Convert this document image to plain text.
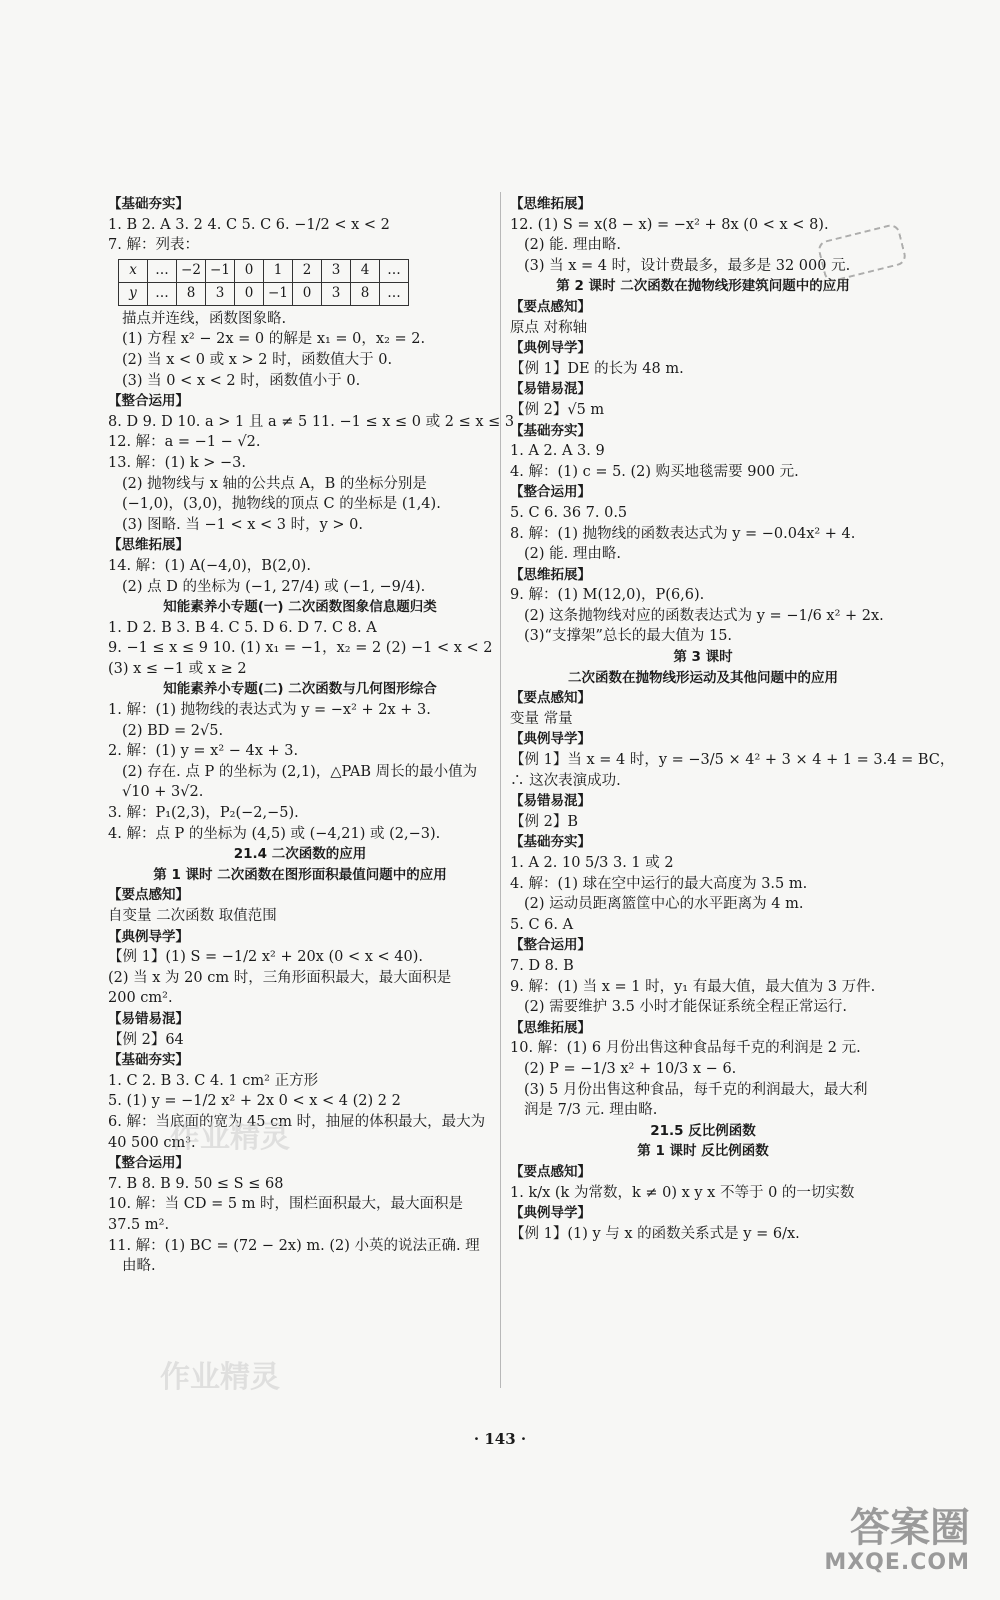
【基础夯实】
1. B 2. A 3. 2 4. C 5. C 6. −1/2 < x < 2
7. 解：列表：
x	…	−2	−1	0	1	2	3	4	…
y	…	8	3	0	−1	0	3	8	…
描点并连线，函数图象略.
(1) 方程 x² − 2x = 0 的解是 x₁ = 0，x₂ = 2.
(2) 当 x < 0 或 x > 2 时，函数值大于 0.
(3) 当 0 < x < 2 时，函数值小于 0.
【整合运用】
8. D 9. D 10. a > 1 且 a ≠ 5 11. −1 ≤ x ≤ 0 或 2 ≤ x ≤ 3
12. 解：a = −1 − √2.
13. 解：(1) k > −3.
(2) 抛物线与 x 轴的公共点 A，B 的坐标分别是
(−1,0)，(3,0)，抛物线的顶点 C 的坐标是 (1,4).
(3) 图略. 当 −1 < x < 3 时，y > 0.
【思维拓展】
14. 解：(1) A(−4,0)，B(2,0).
(2) 点 D 的坐标为 (−1, 27/4) 或 (−1, −9/4).
知能素养小专题(一) 二次函数图象信息题归类
1. D 2. B 3. B 4. C 5. D 6. D 7. C 8. A
9. −1 ≤ x ≤ 9 10. (1) x₁ = −1，x₂ = 2 (2) −1 < x < 2
(3) x ≤ −1 或 x ≥ 2
知能素养小专题(二) 二次函数与几何图形综合
1. 解：(1) 抛物线的表达式为 y = −x² + 2x + 3.
(2) BD = 2√5.
2. 解：(1) y = x² − 4x + 3.
(2) 存在. 点 P 的坐标为 (2,1)，△PAB 周长的最小值为
√10 + 3√2.
3. 解：P₁(2,3)，P₂(−2,−5).
4. 解：点 P 的坐标为 (4,5) 或 (−4,21) 或 (2,−3).
21.4 二次函数的应用
第 1 课时 二次函数在图形面积最值问题中的应用
【要点感知】
自变量 二次函数 取值范围
【典例导学】
【例 1】(1) S = −1/2 x² + 20x (0 < x < 40).
(2) 当 x 为 20 cm 时，三角形面积最大，最大面积是
200 cm².
【易错易混】
【例 2】64
【基础夯实】
1. C 2. B 3. C 4. 1 cm² 正方形
5. (1) y = −1/2 x² + 2x 0 < x < 4 (2) 2 2
6. 解：当底面的宽为 45 cm 时，抽屉的体积最大，最大为
40 500 cm³.
【整合运用】
7. B 8. B 9. 50 ≤ S ≤ 68
10. 解：当 CD = 5 m 时，围栏面积最大，最大面积是
37.5 m².
11. 解：(1) BC = (72 − 2x) m. (2) 小英的说法正确. 理
由略.
【思维拓展】
12. (1) S = x(8 − x) = −x² + 8x (0 < x < 8).
(2) 能. 理由略.
(3) 当 x = 4 时，设计费最多，最多是 32 000 元.
第 2 课时 二次函数在抛物线形建筑问题中的应用
【要点感知】
原点 对称轴
【典例导学】
【例 1】DE 的长为 48 m.
【易错易混】
【例 2】√5 m
【基础夯实】
1. A 2. A 3. 9
4. 解：(1) c = 5. (2) 购买地毯需要 900 元.
【整合运用】
5. C 6. 36 7. 0.5
8. 解：(1) 抛物线的函数表达式为 y = −0.04x² + 4.
(2) 能. 理由略.
【思维拓展】
9. 解：(1) M(12,0)，P(6,6).
(2) 这条抛物线对应的函数表达式为 y = −1/6 x² + 2x.
(3)“支撑架”总长的最大值为 15.
第 3 课时
二次函数在抛物线形运动及其他问题中的应用
【要点感知】
变量 常量
【典例导学】
【例 1】当 x = 4 时，y = −3/5 × 4² + 3 × 4 + 1 = 3.4 = BC，
∴ 这次表演成功.
【易错易混】
【例 2】B
【基础夯实】
1. A 2. 10 5/3 3. 1 或 2
4. 解：(1) 球在空中运行的最大高度为 3.5 m.
(2) 运动员距离篮筐中心的水平距离为 4 m.
5. C 6. A
【整合运用】
7. D 8. B
9. 解：(1) 当 x = 1 时，y₁ 有最大值，最大值为 3 万件.
(2) 需要维护 3.5 小时才能保证系统全程正常运行.
【思维拓展】
10. 解：(1) 6 月份出售这种食品每千克的利润是 2 元.
(2) P = −1/3 x² + 10/3 x − 6.
(3) 5 月份出售这种食品，每千克的利润最大，最大利
润是 7/3 元. 理由略.
21.5 反比例函数
第 1 课时 反比例函数
【要点感知】
1. k/x (k 为常数，k ≠ 0) x y x 不等于 0 的一切实数
【典例导学】
【例 1】(1) y 与 x 的函数关系式是 y = 6/x.
作业精灵
作业精灵
· 143 ·
答案圈
MXQE.COM
